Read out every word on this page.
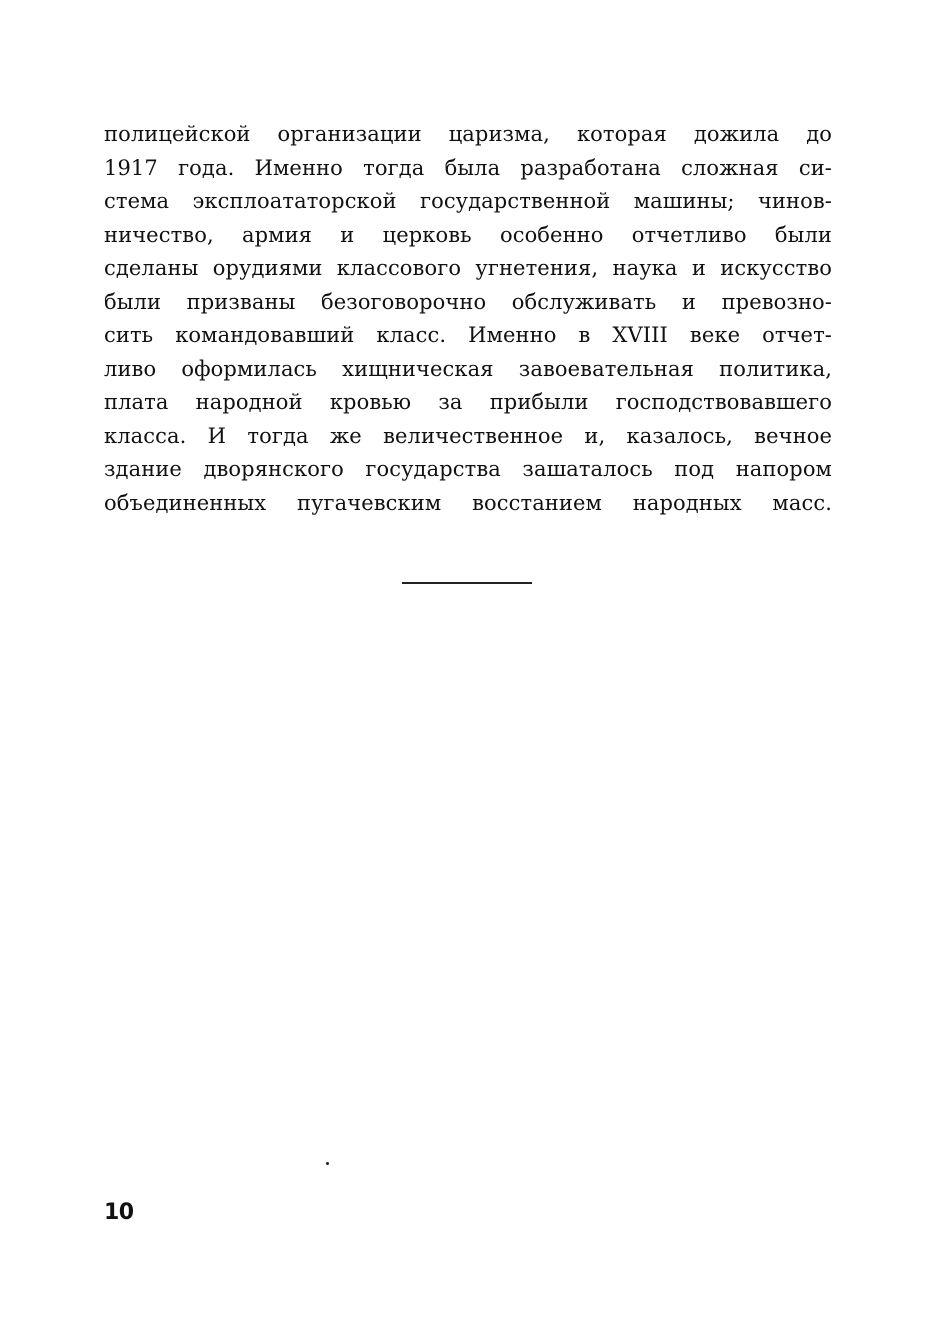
полицейской организации царизма, которая дожила до
1917 года. Именно тогда была разработана сложная си-
стема эксплоататорской государственной машины; чинов-
ничество, армия и церковь особенно отчетливо были
сделаны орудиями классового угнетения, наука и искусство
были призваны безоговорочно обслуживать и превозно-
сить командовавший класс. Именно в XVIII веке отчет-
ливо оформилась хищническая завоевательная политика,
плата народной кровью за прибыли господствовавшего
класса. И тогда же величественное и, казалось, вечное
здание дворянского государства зашаталось под напором
объединенных пугачевским восстанием народных масс.
10
